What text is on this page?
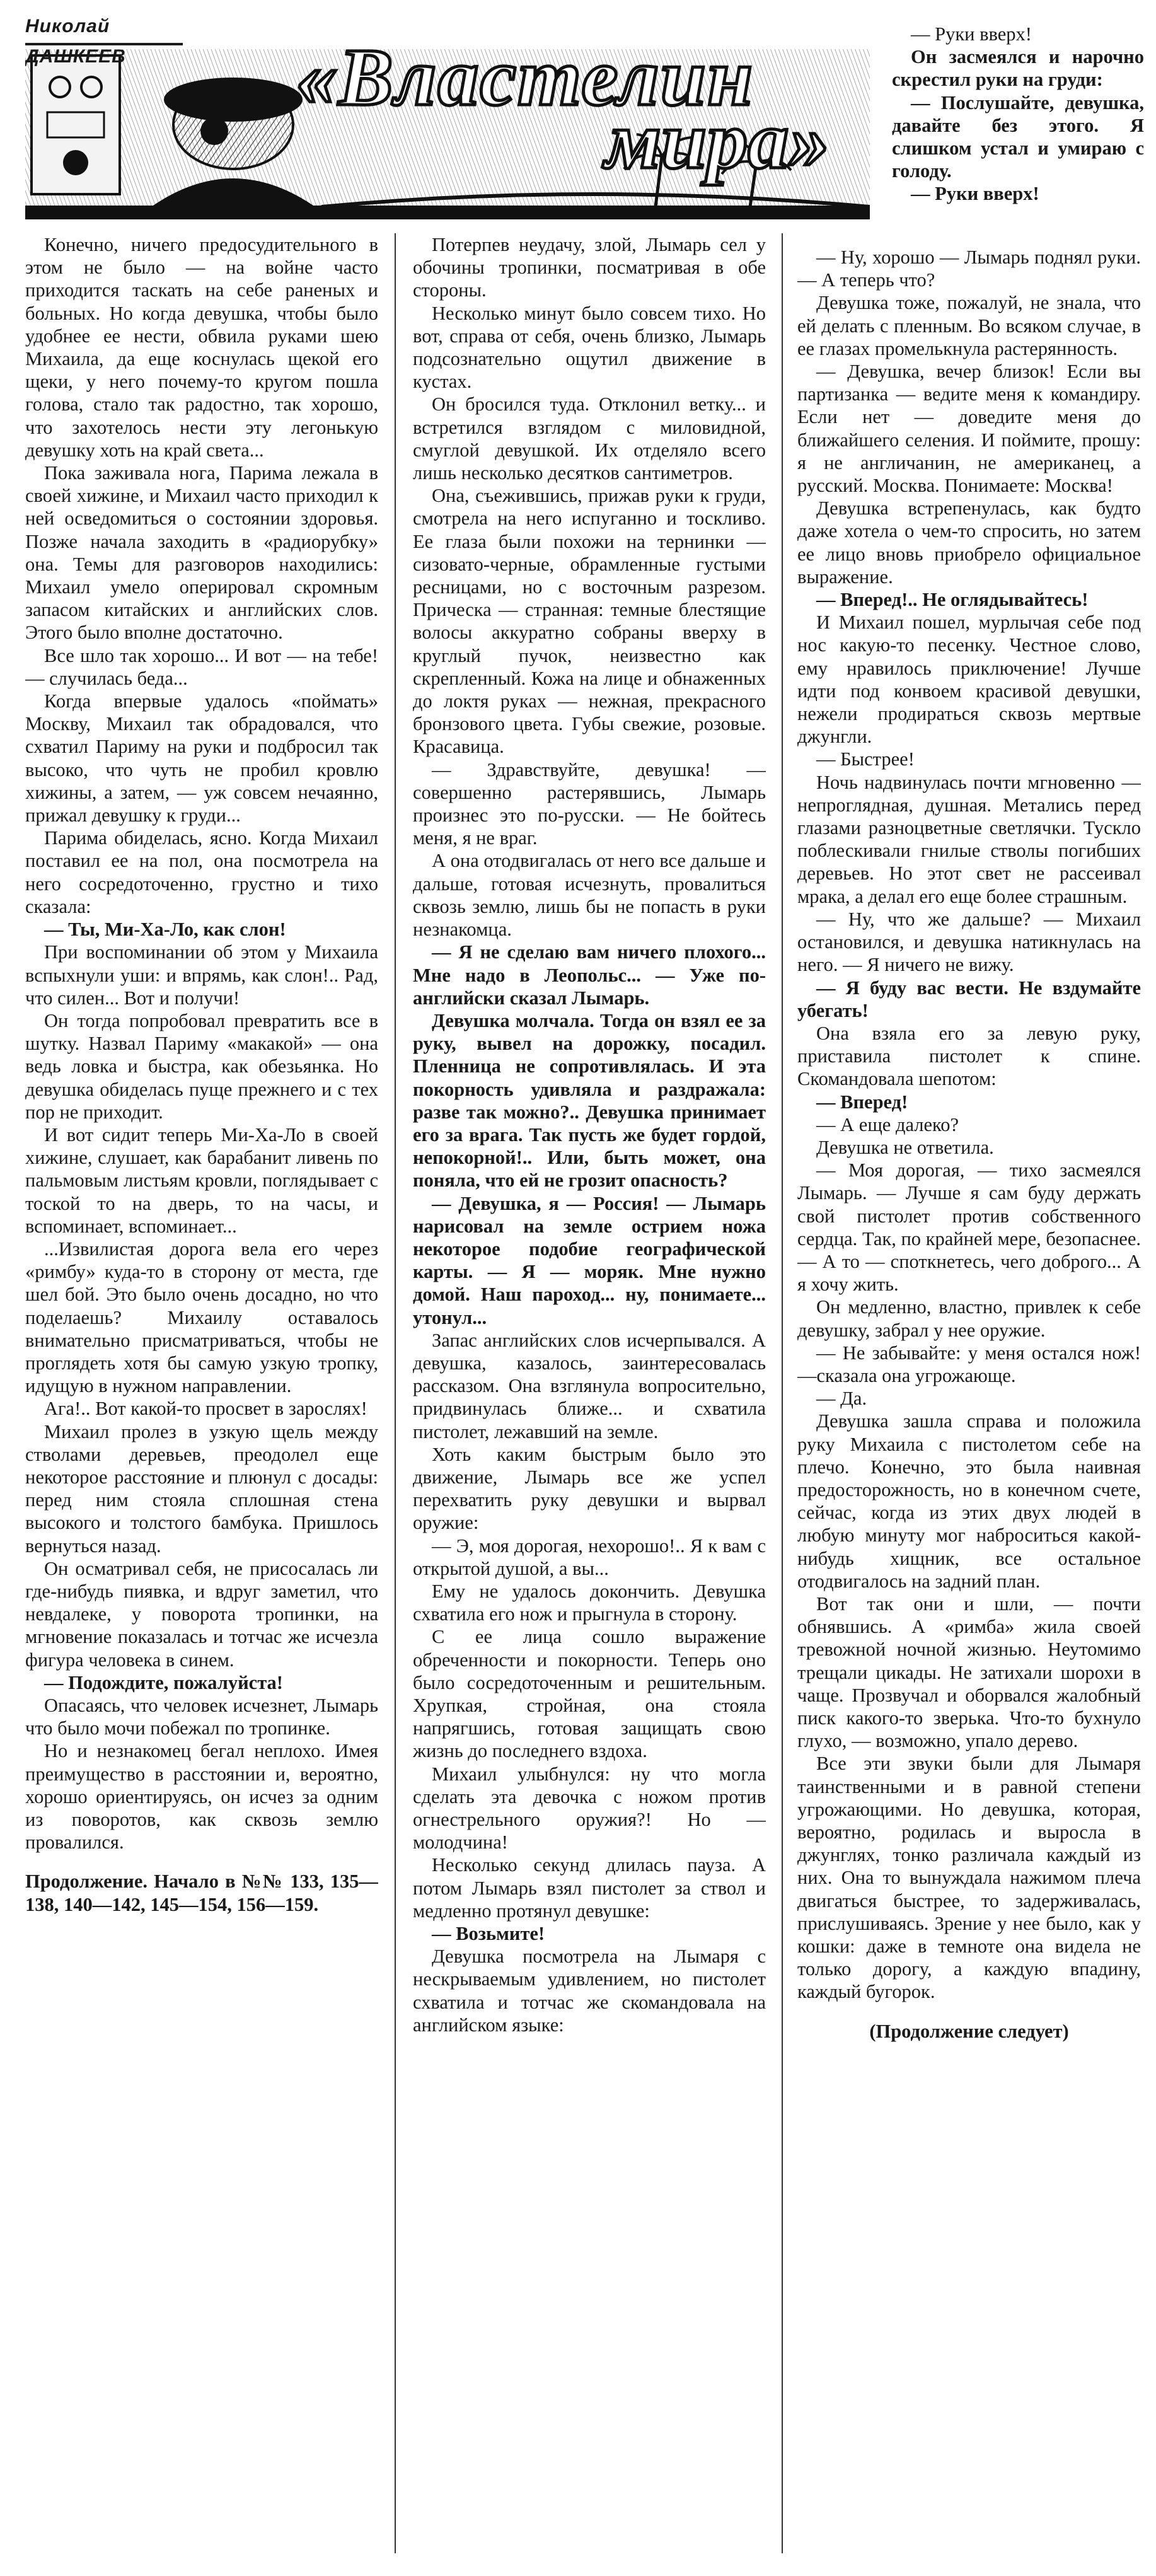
Николай ДАШКЕЕВ	«Властелин
мира»

— Руки вверх!

Он засмеялся и нарочно скрестил руки на груди:

— Послушайте, девушка, давайте без этого. Я слишком устал и умираю с голоду.

— Руки вверх!

Конечно, ничего предосудительного в этом не было — на войне часто приходится таскать на себе раненых и больных. Но когда девушка, чтобы было удобнее ее нести, обвила руками шею Михаила, да еще коснулась щекой его щеки, у него почему-то кругом пошла голова, стало так радостно, так хорошо, что захотелось нести эту легонькую девушку хоть на край света...

Пока заживала нога, Парима лежала в своей хижине, и Михаил часто приходил к ней осведомиться о состоянии здоровья. Позже начала заходить в «радиорубку» она. Темы для разговоров находились: Михаил умело оперировал скромным запасом китайских и английских слов. Этого было вполне достаточно.

Все шло так хорошо... И вот — на тебе! — случилась беда...

Когда впервые удалось «поймать» Москву, Михаил так обрадовался, что схватил Париму на руки и подбросил так высоко, что чуть не пробил кровлю хижины, а затем, — уж совсем нечаянно, прижал девушку к груди...

Парима обиделась, ясно. Когда Михаил поставил ее на пол, она посмотрела на него сосредоточенно, грустно и тихо сказала:

— Ты, Ми-Ха-Ло, как слон!

При воспоминании об этом у Михаила вспыхнули уши: и впрямь, как слон!.. Рад, что силен... Вот и получи!

Он тогда попробовал превратить все в шутку. Назвал Париму «макакой» — она ведь ловка и быстра, как обезьянка. Но девушка обиделась пуще прежнего и с тех пор не приходит.

И вот сидит теперь Ми-Ха-Ло в своей хижине, слушает, как барабанит ливень по пальмовым листьям кровли, поглядывает с тоской то на дверь, то на часы, и вспоминает, вспоминает...

...Извилистая дорога вела его через «римбу» куда-то в сторону от места, где шел бой. Это было очень досадно, но что поделаешь? Михаилу оставалось внимательно присматриваться, чтобы не проглядеть хотя бы самую узкую тропку, идущую в нужном направлении.

Ага!.. Вот какой-то просвет в зарослях!

Михаил пролез в узкую щель между стволами деревьев, преодолел еще некоторое расстояние и плюнул с досады: перед ним стояла сплошная стена высокого и толстого бамбука. Пришлось вернуться назад.

Он осматривал себя, не присосалась ли где-нибудь пиявка, и вдруг заметил, что невдалеке, у поворота тропинки, на мгновение показалась и тотчас же исчезла фигура человека в синем.

— Подождите, пожалуйста!

Опасаясь, что человек исчезнет, Лымарь что было мочи побежал по тропинке.

Но и незнакомец бегал неплохо. Имея преимущество в расстоянии и, вероятно, хорошо ориентируясь, он исчез за одним из поворотов, как сквозь землю провалился.

Продолжение. Начало в №№ 133, 135—138, 140—142, 145—154, 156—159.

Потерпев неудачу, злой, Лымарь сел у обочины тропинки, посматривая в обе стороны.

Несколько минут было совсем тихо. Но вот, справа от себя, очень близко, Лымарь подсознательно ощутил движение в кустах.

Он бросился туда. Отклонил ветку... и встретился взглядом с миловидной, смуглой девушкой. Их отделяло всего лишь несколько десятков сантиметров.

Она, съежившись, прижав руки к груди, смотрела на него испуганно и тоскливо. Ее глаза были похожи на тернинки — сизовато-черные, обрамленные густыми ресницами, но с восточным разрезом. Прическа — странная: темные блестящие волосы аккуратно собраны вверху в круглый пучок, неизвестно как скрепленный. Кожа на лице и обнаженных до локтя руках — нежная, прекрасного бронзового цвета. Губы свежие, розовые. Красавица.

— Здравствуйте, девушка! — совершенно растерявшись, Лымарь произнес это по-русски. — Не бойтесь меня, я не враг.

А она отодвигалась от него все дальше и дальше, готовая исчезнуть, провалиться сквозь землю, лишь бы не попасть в руки незнакомца.

— Я не сделаю вам ничего плохого... Мне надо в Леопольс... — Уже по-английски сказал Лымарь.

Девушка молчала. Тогда он взял ее за руку, вывел на дорожку, посадил. Пленница не сопротивлялась. И эта покорность удивляла и раздражала: разве так можно?.. Девушка принимает его за врага. Так пусть же будет гордой, непокорной!.. Или, быть может, она поняла, что ей не грозит опасность?

— Девушка, я — Россия! — Лымарь нарисовал на земле острием ножа некоторое подобие географической карты. — Я — моряк. Мне нужно домой. Наш пароход... ну, понимаете... утонул...

Запас английских слов исчерпывался. А девушка, казалось, заинтересовалась рассказом. Она взглянула вопросительно, придвинулась ближе... и схватила пистолет, лежавший на земле.

Хоть каким быстрым было это движение, Лымарь все же успел перехватить руку девушки и вырвал оружие:

— Э, моя дорогая, нехорошо!.. Я к вам с открытой душой, а вы...

Ему не удалось докончить. Девушка схватила его нож и прыгнула в сторону.

С ее лица сошло выражение обреченности и покорности. Теперь оно было сосредоточенным и решительным. Хрупкая, стройная, она стояла напрягшись, готовая защищать свою жизнь до последнего вздоха.

Михаил улыбнулся: ну что могла сделать эта девочка с ножом против огнестрельного оружия?! Но — молодчина!

Несколько секунд длилась пауза. А потом Лымарь взял пистолет за ствол и медленно протянул девушке:

— Возьмите!

Девушка посмотрела на Лымаря с нескрываемым удивлением, но пистолет схватила и тотчас же скомандовала на английском языке:

— Ну, хорошо — Лымарь поднял руки. — А теперь что?

Девушка тоже, пожалуй, не знала, что ей делать с пленным. Во всяком случае, в ее глазах промелькнула растерянность.

— Девушка, вечер близок! Если вы партизанка — ведите меня к командиру. Если нет — доведите меня до ближайшего селения. И поймите, прошу: я не англичанин, не американец, а русский. Москва. Понимаете: Москва!

Девушка встрепенулась, как будто даже хотела о чем-то спросить, но затем ее лицо вновь приобрело официальное выражение.

— Вперед!.. Не оглядывайтесь!

И Михаил пошел, мурлычая себе под нос какую-то песенку. Честное слово, ему нравилось приключение! Лучше идти под конвоем красивой девушки, нежели продираться сквозь мертвые джунгли.

— Быстрее!

Ночь надвинулась почти мгновенно — непроглядная, душная. Метались перед глазами разноцветные светлячки. Тускло поблескивали гнилые стволы погибших деревьев. Но этот свет не рассеивал мрака, а делал его еще более страшным.

— Ну, что же дальше? — Михаил остановился, и девушка натикнулась на него. — Я ничего не вижу.

— Я буду вас вести. Не вздумайте убегать!

Она взяла его за левую руку, приставила пистолет к спине. Скомандовала шепотом:

— Вперед!

— А еще далеко?

Девушка не ответила.

— Моя дорогая, — тихо засмеялся Лымарь. — Лучше я сам буду держать свой пистолет против собственного сердца. Так, по крайней мере, безопаснее. — А то — споткнетесь, чего доброго... А я хочу жить.

Он медленно, властно, привлек к себе девушку, забрал у нее оружие.

— Не забывайте: у меня остался нож!—сказала она угрожающе.

— Да.

Девушка зашла справа и положила руку Михаила с пистолетом себе на плечо. Конечно, это была наивная предосторожность, но в конечном счете, сейчас, когда из этих двух людей в любую минуту мог наброситься какой-нибудь хищник, все остальное отодвигалось на задний план.

Вот так они и шли, — почти обнявшись. А «римба» жила своей тревожной ночной жизнью. Неутомимо трещали цикады. Не затихали шорохи в чаще. Прозвучал и оборвался жалобный писк какого-то зверька. Что-то бухнуло глухо, — возможно, упало дерево.

Все эти звуки были для Лымаря таинственными и в равной степени угрожающими. Но девушка, которая, вероятно, родилась и выросла в джунглях, тонко различала каждый из них. Она то вынуждала нажимом плеча двигаться быстрее, то задерживалась, прислушиваясь. Зрение у нее было, как у кошки: даже в темноте она видела не только дорогу, а каждую впадину, каждый бугорок.

(Продолжение следует)
